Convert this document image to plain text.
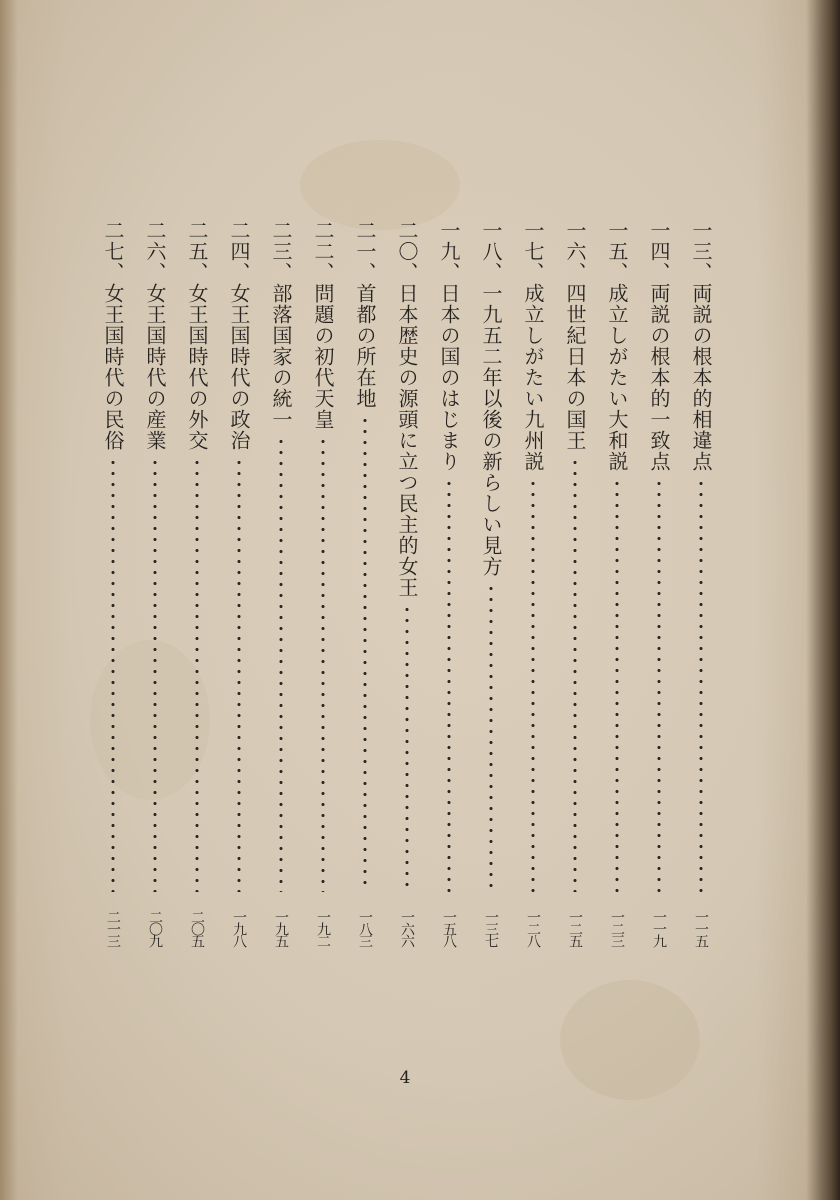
一三、両説の根本的相違点
一一五
一四、両説の根本的一致点
一一九
一五、成立しがたい大和説
一二三
一六、四世紀日本の国王
一二五
一七、成立しがたい九州説
一二八
一八、一九五二年以後の新らしい見方
一三七
一九、日本の国のはじまり
一五八
二〇、日本歴史の源頭に立つ民主的女王
一六六
二一、首都の所在地
一八三
二二、問題の初代天皇
一九二
二三、部落国家の統一
一九五
二四、女王国時代の政治
一九八
二五、女王国時代の外交
二〇五
二六、女王国時代の産業
二〇九
二七、女王国時代の民俗
二一三
4
